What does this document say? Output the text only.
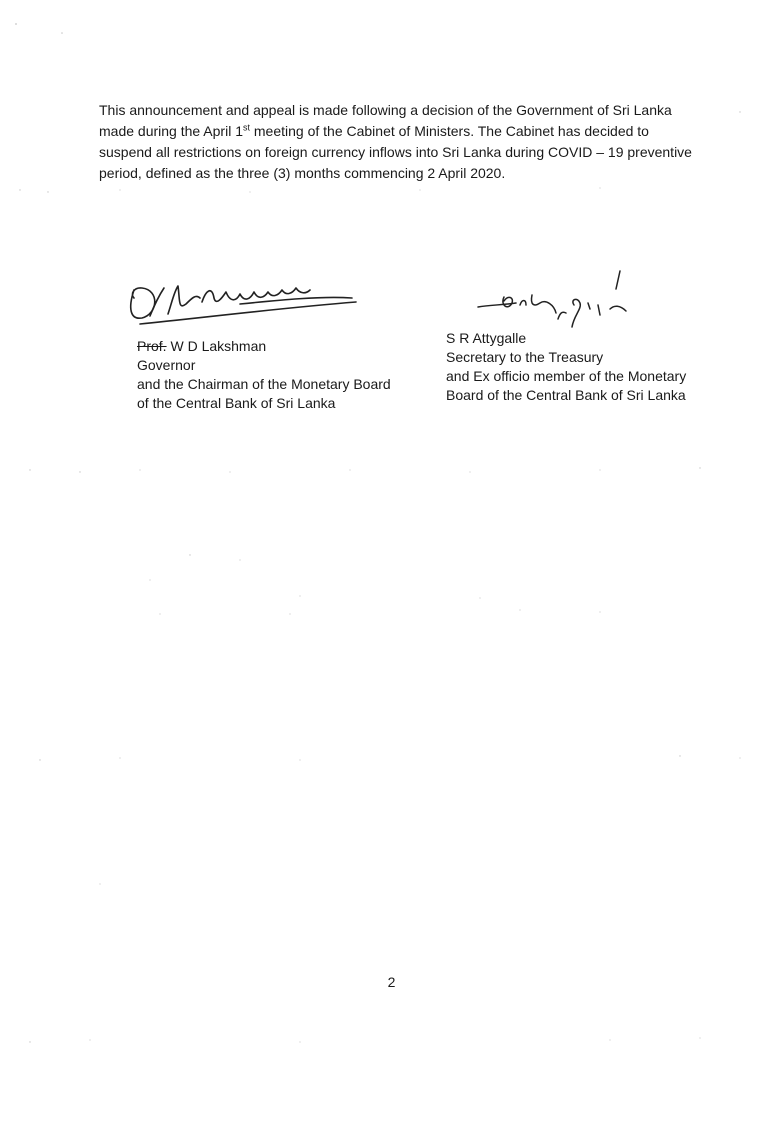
This announcement and appeal is made following a decision of the Government of Sri Lanka made during the April 1st meeting of the Cabinet of Ministers. The Cabinet has decided to suspend all restrictions on foreign currency inflows into Sri Lanka during COVID – 19 preventive period, defined as the three (3) months commencing 2 April 2020.

Prof. W D Lakshman
Governor
and the Chairman of the Monetary Board
of the Central Bank of Sri Lanka
S R Attygalle
Secretary to the Treasury
and Ex officio member of the Monetary
Board of the Central Bank of Sri Lanka
2
